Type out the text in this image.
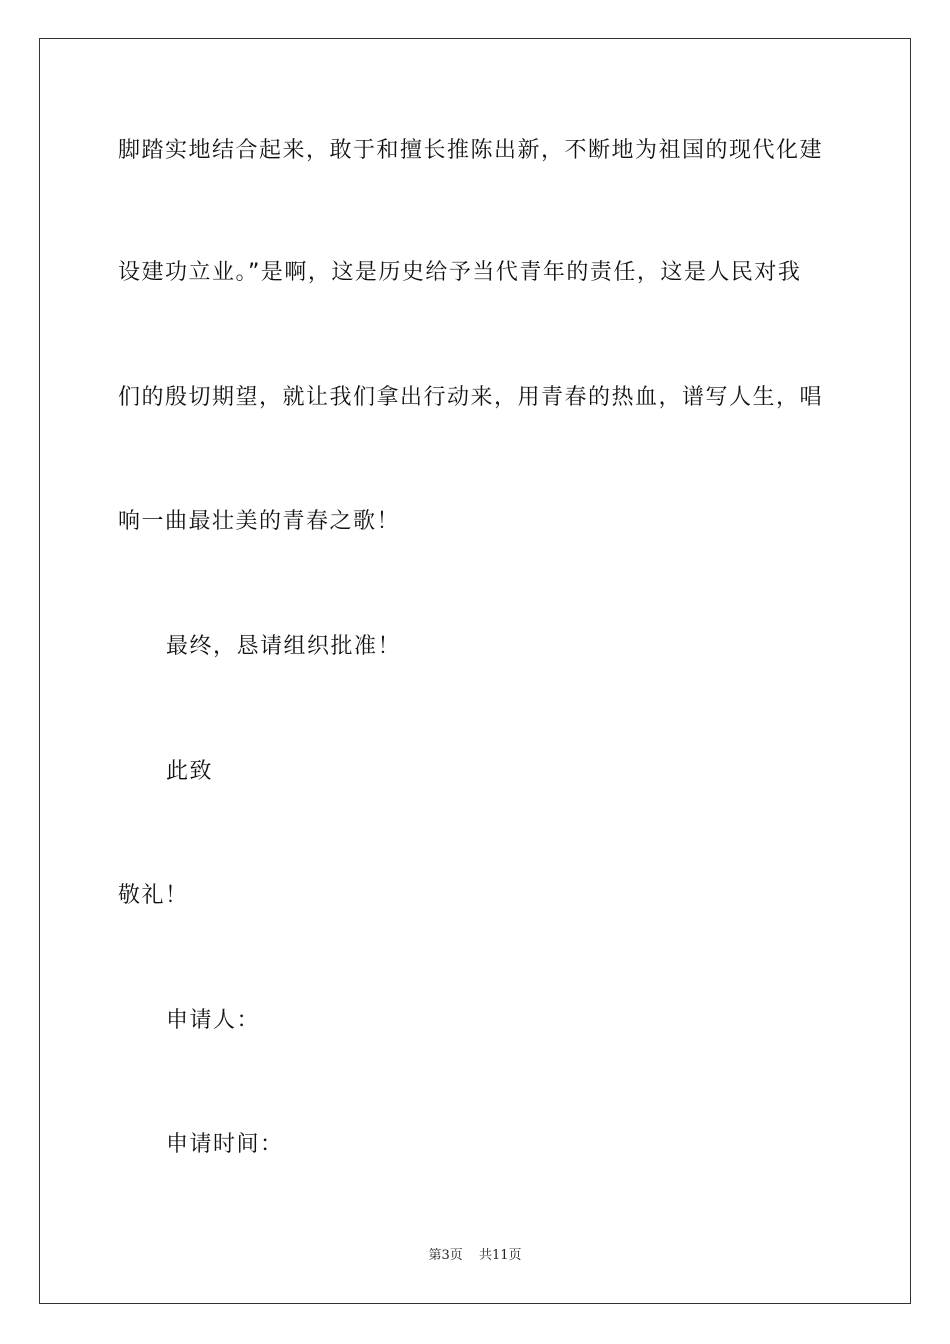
脚踏实地结合起来，敢于和擅长推陈出新，不断地为祖国的现代化建
设建功立业。”是啊，这是历史给予当代青年的责任，这是人民对我
们的殷切期望，就让我们拿出行动来，用青春的热血，谱写人生，唱
响一曲最壮美的青春之歌！
最终，恳请组织批准！
此致
敬礼！
申请人：
申请时间：
第3页 共11页
